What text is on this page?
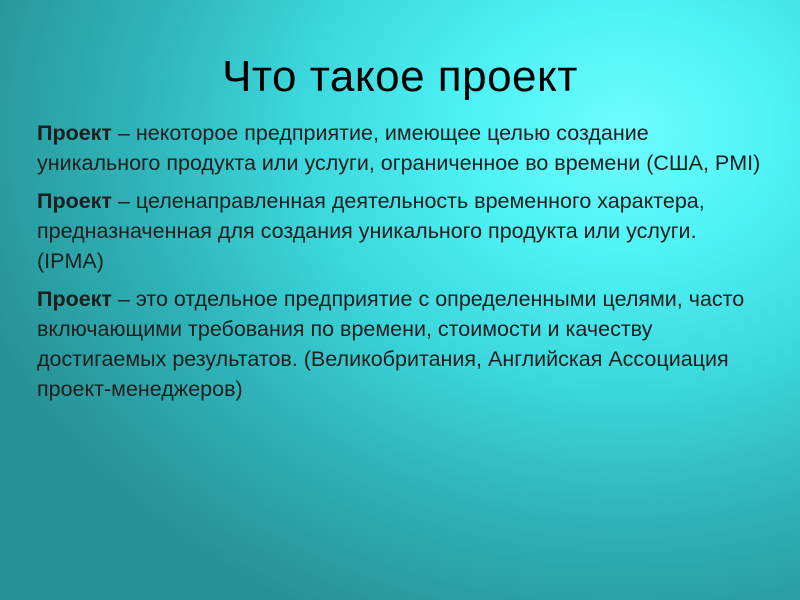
Что такое проект

Проект – некоторое предприятие, имеющее целью создание уникального продукта или услуги, ограниченное во времени (США, PMI)

Проект – целенаправленная деятельность временного характера, предназначенная для создания уникального продукта или услуги. (IPMA)

Проект – это отдельное предприятие с определенными целями, часто включающими требования по времени, стоимости и качеству достигаемых результатов. (Великобритания, Английская Ассоциация проект-менеджеров)
